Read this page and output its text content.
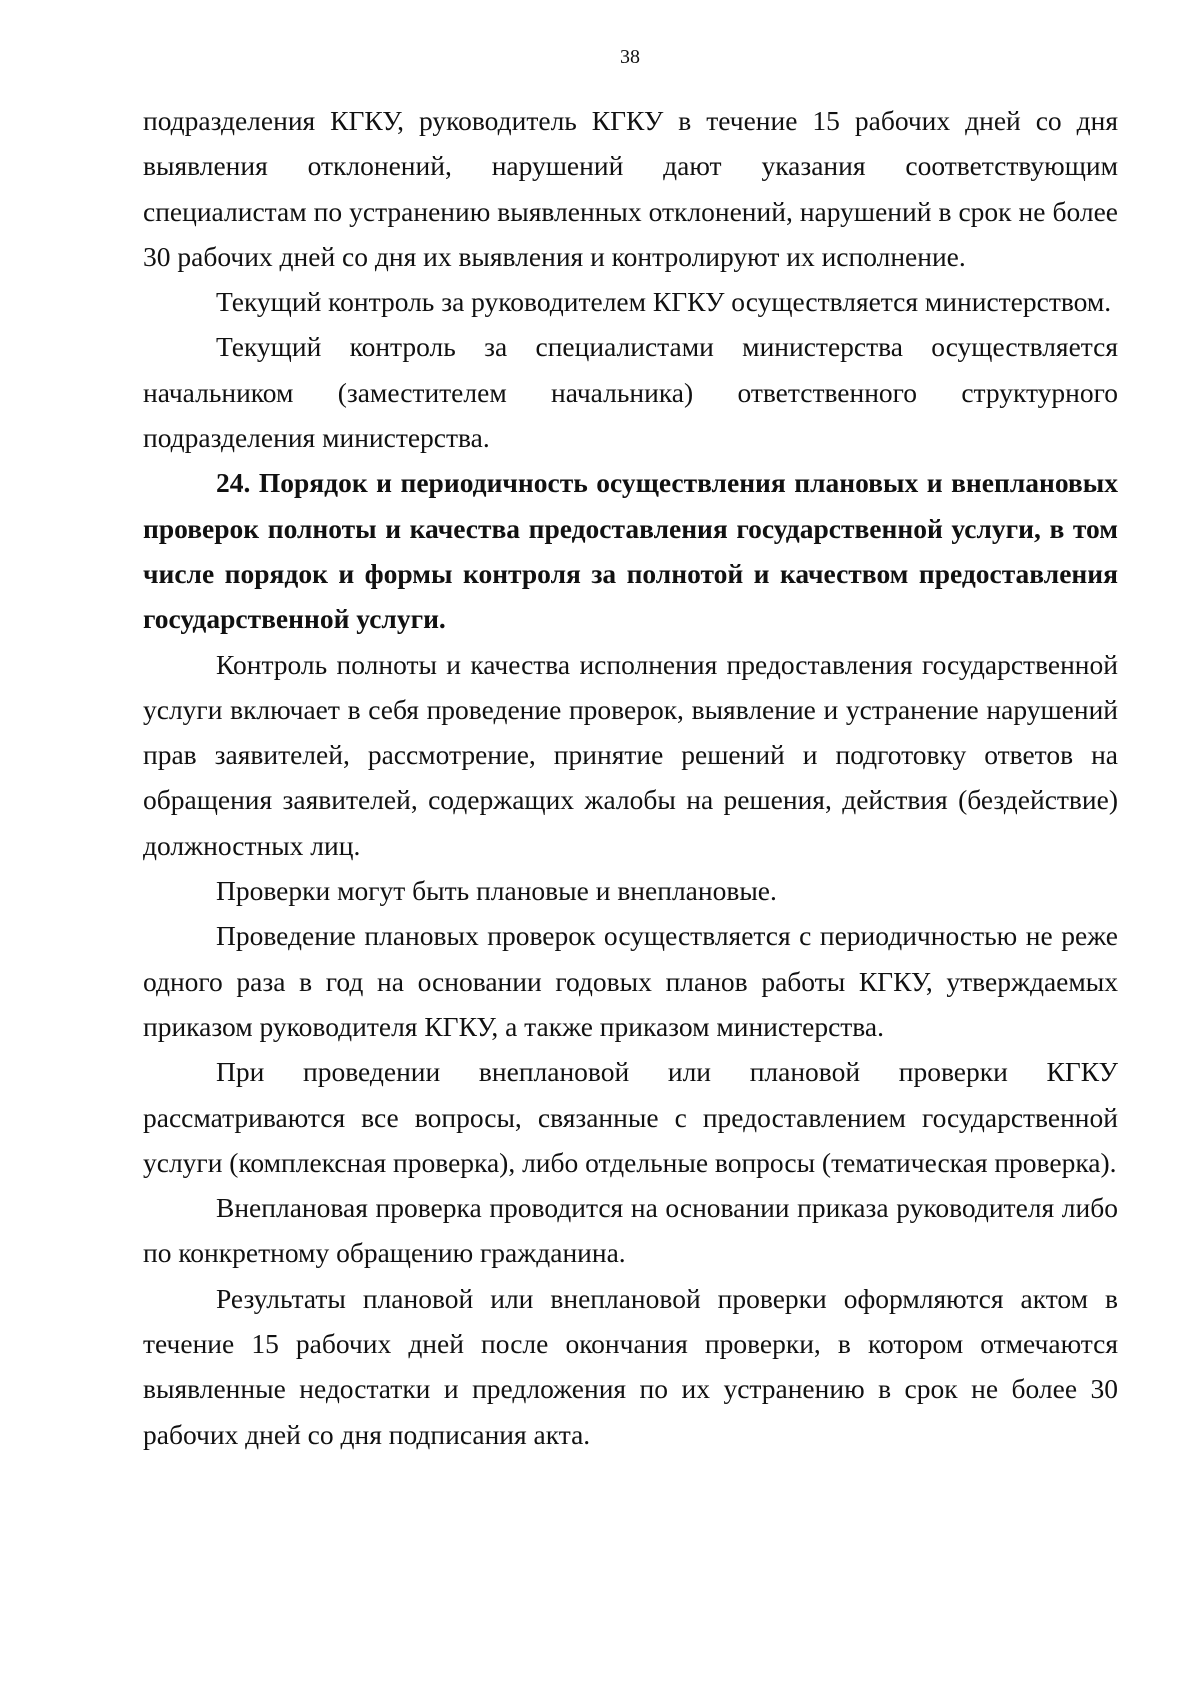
38

подразделения КГКУ, руководитель КГКУ в течение 15 рабочих дней со дня выявления отклонений, нарушений дают указания соответствующим специалистам по устранению выявленных отклонений, нарушений в срок не более 30 рабочих дней со дня их выявления и контролируют их исполнение.

Текущий контроль за руководителем КГКУ осуществляется министерством.

Текущий контроль за специалистами министерства осуществляется начальником (заместителем начальника) ответственного структурного подразделения министерства.

24. Порядок и периодичность осуществления плановых и внеплановых проверок полноты и качества предоставления государственной услуги, в том числе порядок и формы контроля за полнотой и качеством предоставления государственной услуги.

Контроль полноты и качества исполнения предоставления государственной услуги включает в себя проведение проверок, выявление и устранение нарушений прав заявителей, рассмотрение, принятие решений и подготовку ответов на обращения заявителей, содержащих жалобы на решения, действия (бездействие) должностных лиц.

Проверки могут быть плановые и внеплановые.

Проведение плановых проверок осуществляется с периодичностью не реже одного раза в год на основании годовых планов работы КГКУ, утверждаемых приказом руководителя КГКУ, а также приказом министерства.

При проведении внеплановой или плановой проверки КГКУ рассматриваются все вопросы, связанные с предоставлением государственной услуги (комплексная проверка), либо отдельные вопросы (тематическая проверка).

Внеплановая проверка проводится на основании приказа руководителя либо по конкретному обращению гражданина.

Результаты плановой или внеплановой проверки оформляются актом в течение 15 рабочих дней после окончания проверки, в котором отмечаются выявленные недостатки и предложения по их устранению в срок не более 30 рабочих дней со дня подписания акта.
